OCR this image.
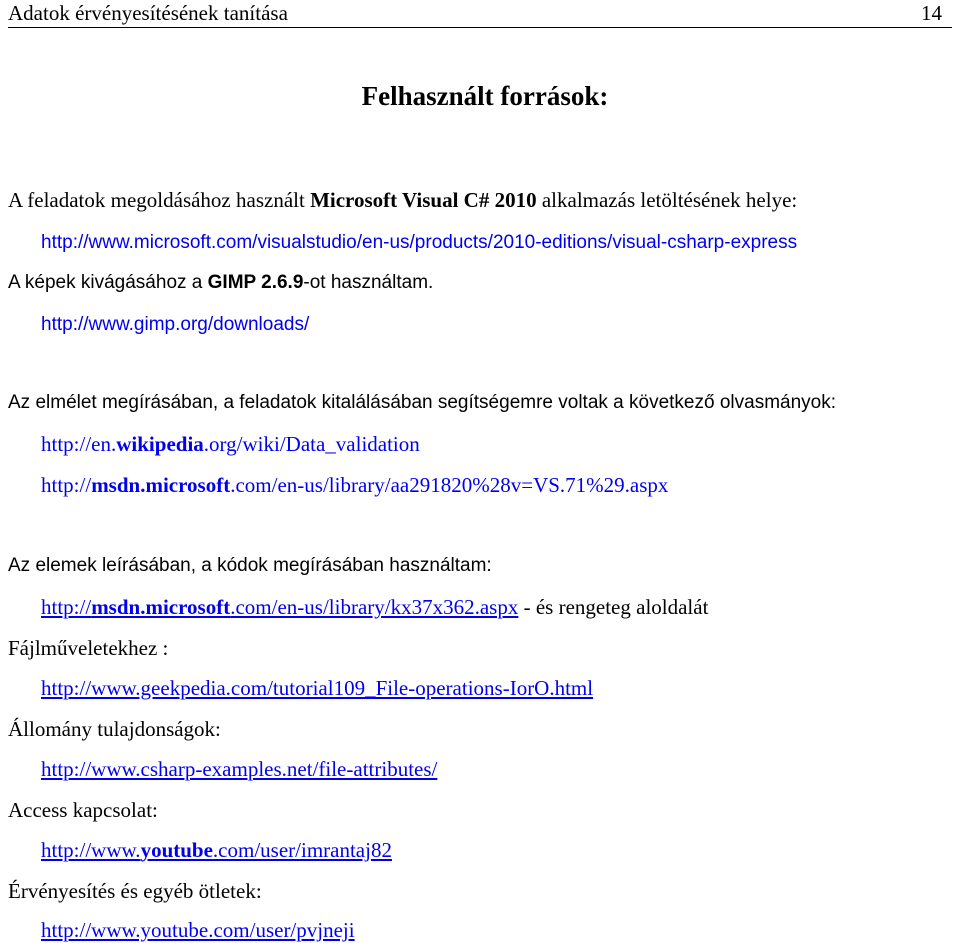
Adatok érvényesítésének tanítása	14
Felhasznált források:
A feladatok megoldásához használt Microsoft Visual C# 2010 alkalmazás letöltésének helye:
http://www.microsoft.com/visualstudio/en-us/products/2010-editions/visual-csharp-express
A képek kivágásához a GIMP 2.6.9-ot használtam.
http://www.gimp.org/downloads/
Az elmélet megírásában, a feladatok kitalálásában segítségemre voltak a következő olvasmányok:
http://en.wikipedia.org/wiki/Data_validation
http://msdn.microsoft.com/en-us/library/aa291820%28v=VS.71%29.aspx
Az elemek leírásában, a kódok megírásában használtam:
http://msdn.microsoft.com/en-us/library/kx37x362.aspx - és rengeteg aloldalát
Fájlműveletekhez :
http://www.geekpedia.com/tutorial109_File-operations-IorO.html
Állomány tulajdonságok:
http://www.csharp-examples.net/file-attributes/
Access kapcsolat:
http://www.youtube.com/user/imrantaj82
Érvényesítés és egyéb ötletek:
http://www.youtube.com/user/pvjneji
